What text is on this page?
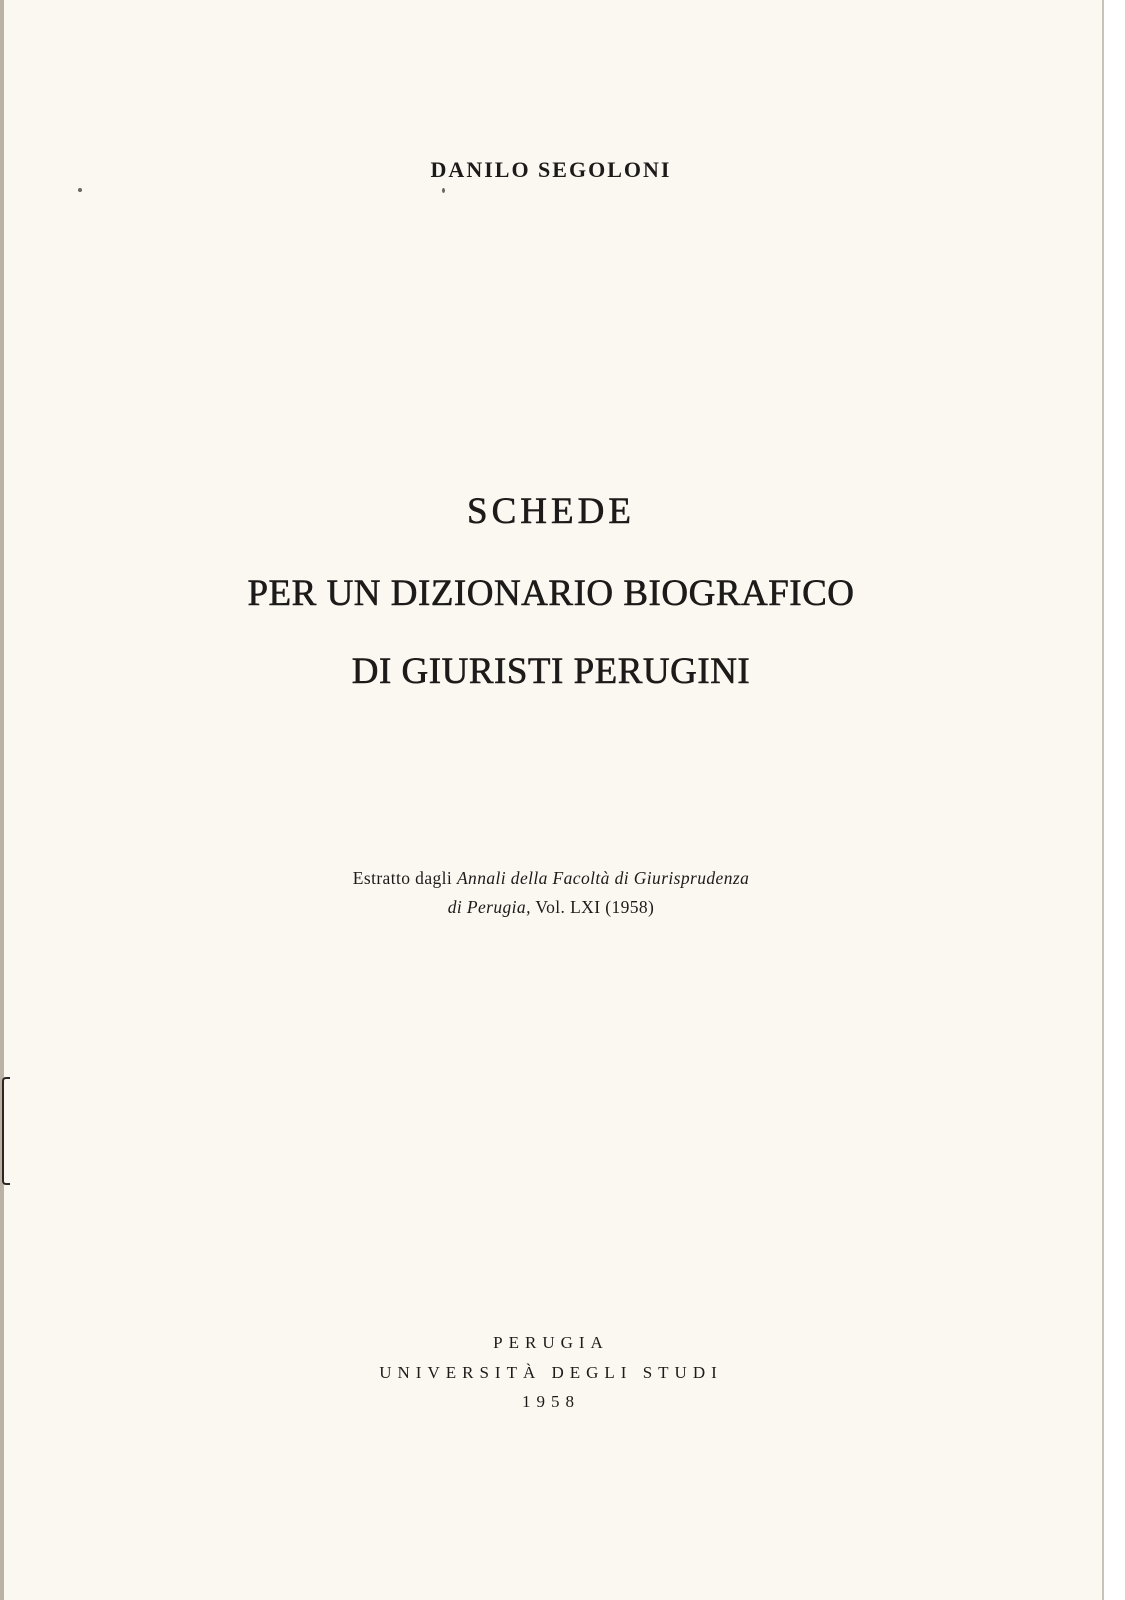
DANILO SEGOLONI
SCHEDE
PER UN DIZIONARIO BIOGRAFICO
DI GIURISTI PERUGINI
Estratto dagli Annali della Facoltà di Giurisprudenza
di Perugia, Vol. LXI (1958)
PERUGIA
UNIVERSITÀ DEGLI STUDI
1958
